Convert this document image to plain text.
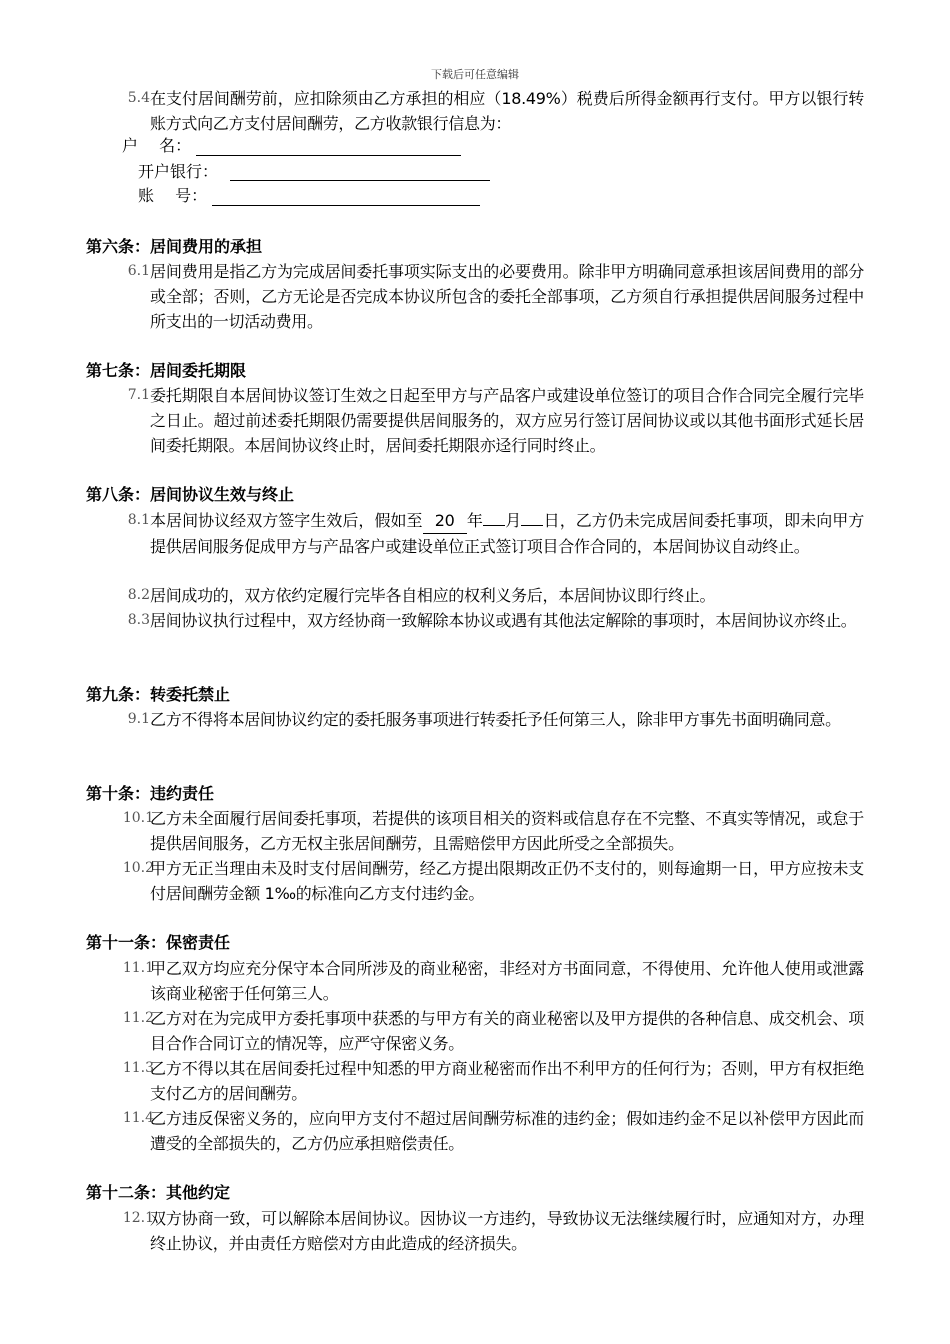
下载后可任意编辑
5.4 在支付居间酬劳前，应扣除须由乙方承担的相应（18.49%）税费后所得金额再行支付。甲方以银行转账方式向乙方支付居间酬劳，乙方收款银行信息为：
户　 名：
开户银行：
账　 号：
第六条：居间费用的承担
6.1 居间费用是指乙方为完成居间委托事项实际支出的必要费用。除非甲方明确同意承担该居间费用的部分或全部；否则，乙方无论是否完成本协议所包含的委托全部事项，乙方须自行承担提供居间服务过程中所支出的一切活动费用。
第七条：居间委托期限
7.1 委托期限自本居间协议签订生效之日起至甲方与产品客户或建设单位签订的项目合作合同完全履行完毕之日止。超过前述委托期限仍需要提供居间服务的，双方应另行签订居间协议或以其他书面形式延长居间委托期限。本居间协议终止时，居间委托期限亦迳行同时终止。
第八条：居间协议生效与终止
8.1 本居间协议经双方签字生效后，假如至 20 年 月 日，乙方仍未完成居间委托事项，即未向甲方提供居间服务促成甲方与产品客户或建设单位正式签订项目合作合同的，本居间协议自动终止。
8.2 居间成功的，双方依约定履行完毕各自相应的权利义务后，本居间协议即行终止。
8.3 居间协议执行过程中，双方经协商一致解除本协议或遇有其他法定解除的事项时，本居间协议亦终止。
第九条：转委托禁止
9.1 乙方不得将本居间协议约定的委托服务事项进行转委托予任何第三人，除非甲方事先书面明确同意。
第十条：违约责任
10.1
乙方未全面履行居间委托事项，若提供的该项目相关的资料或信息存在不完整、不真实等情况，或怠于提供居间服务，乙方无权主张居间酬劳，且需赔偿甲方因此所受之全部损失。
10.2
甲方无正当理由未及时支付居间酬劳，经乙方提出限期改正仍不支付的，则每逾期一日，甲方应按未支付居间酬劳金额 1‰的标准向乙方支付违约金。
第十一条：保密责任
11.1
甲乙双方均应充分保守本合同所涉及的商业秘密，非经对方书面同意，不得使用、允许他人使用或泄露该商业秘密于任何第三人。
11.2
乙方对在为完成甲方委托事项中获悉的与甲方有关的商业秘密以及甲方提供的各种信息、成交机会、项目合作合同订立的情况等，应严守保密义务。
11.3
乙方不得以其在居间委托过程中知悉的甲方商业秘密而作出不利甲方的任何行为；否则，甲方有权拒绝支付乙方的居间酬劳。
11.4
乙方违反保密义务的，应向甲方支付不超过居间酬劳标准的违约金；假如违约金不足以补偿甲方因此而遭受的全部损失的，乙方仍应承担赔偿责任。
第十二条：其他约定
12.1
双方协商一致，可以解除本居间协议。因协议一方违约，导致协议无法继续履行时，应通知对方，办理终止协议，并由责任方赔偿对方由此造成的经济损失。
